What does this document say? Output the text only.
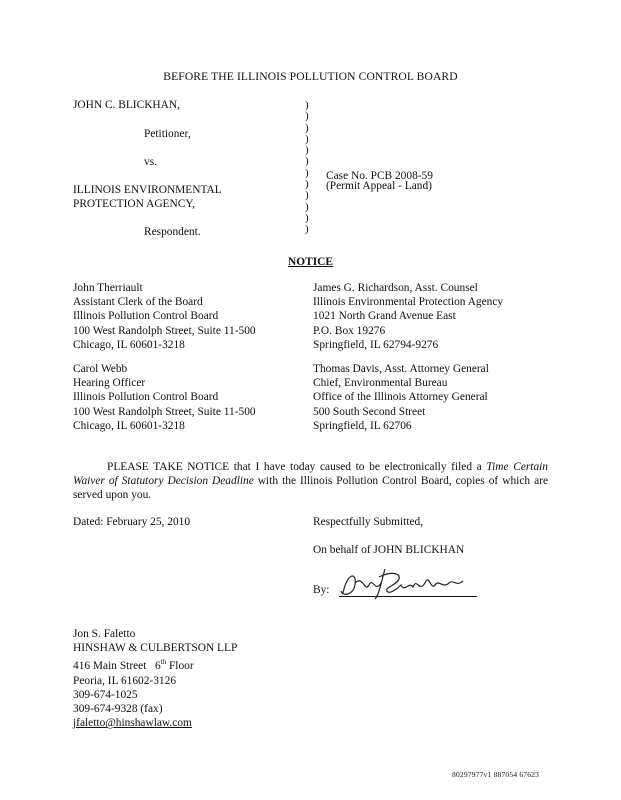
BEFORE THE ILLINOIS POLLUTION CONTROL BOARD
JOHN C. BLICKHAN,
Petitioner,
vs.
ILLINOIS ENVIRONMENTAL
PROTECTION AGENCY,
Respondent.
)
)
)
)
)
)
)
)
)
)
)
)
Case No. PCB 2008-59
(Permit Appeal - Land)
NOTICE
John Therriault
Assistant Clerk of the Board
Illinois Pollution Control Board
100 West Randolph Street, Suite 11-500
Chicago, IL 60601-3218
James G. Richardson, Asst. Counsel
Illinois Environmental Protection Agency
1021 North Grand Avenue East
P.O. Box 19276
Springfield, IL 62794-9276
Carol Webb
Hearing Officer
Illinois Pollution Control Board
100 West Randolph Street, Suite 11-500
Chicago, IL 60601-3218
Thomas Davis, Asst. Attorney General
Chief, Environmental Bureau
Office of the Illinois Attorney General
500 South Second Street
Springfield, IL 62706
PLEASE TAKE NOTICE that I have today caused to be electronically filed a Time Certain Waiver of Statutory Decision Deadline with the Illinois Pollution Control Board, copies of which are served upon you.
Dated: February 25, 2010	Respectfully Submitted,
On behalf of JOHN BLICKHAN
By:
Jon S. Faletto
HINSHAW & CULBERTSON LLP
416 Main Street 6th Floor
Peoria, IL 61602-3126
309-674-1025
309-674-9328 (fax)
jfaletto@hinshawlaw.com
80297977v1 887054 67623
